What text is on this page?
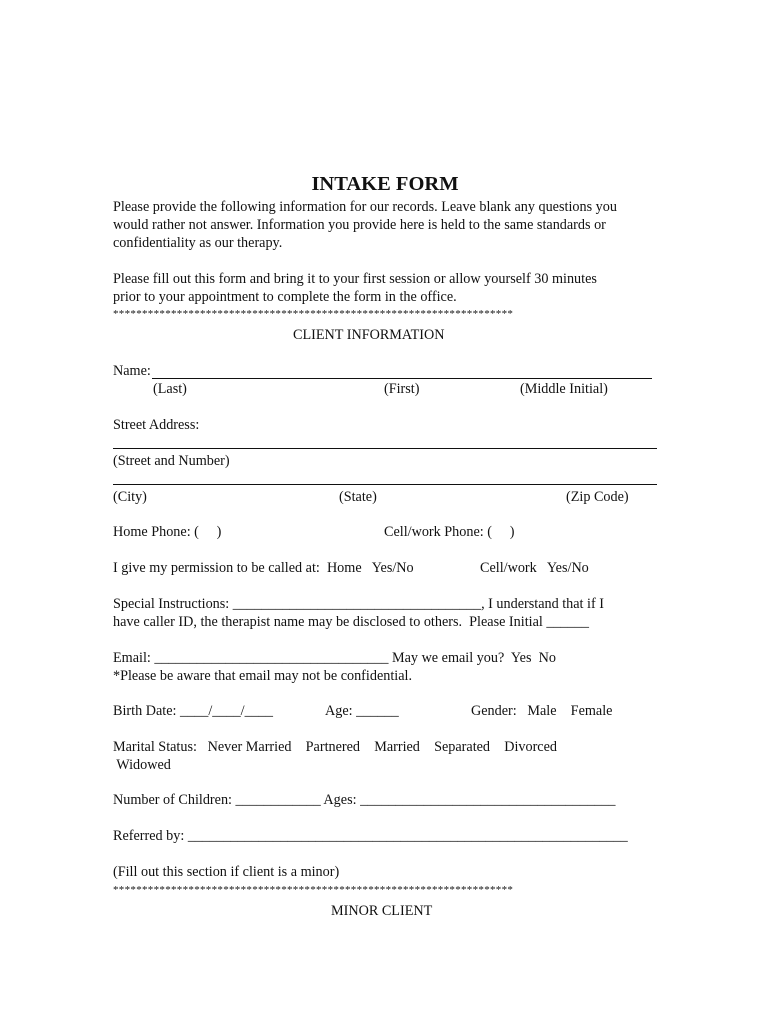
INTAKE FORM

Please provide the following information for our records. Leave blank any questions you

would rather not answer. Information you provide here is held to the same standards or

confidentiality as our therapy.

Please fill out this form and bring it to your first session or allow yourself 30 minutes

prior to your appointment to complete the form in the office.

*********************************************************************
CLIENT INFORMATION

Name:

(Last)	(First)	(Middle Initial)

Street Address:

(Street and Number)

(City)	(State)	(Zip Code)
Home Phone: (     )	Cell/work Phone: (     )
I give my permission to be called at:  Home   Yes/No	Cell/work   Yes/No

Special Instructions: ___________________________________, I understand that if I

have caller ID, the therapist name may be disclosed to others.  Please Initial ______

Email: _________________________________ May we email you?  Yes  No

*Please be aware that email may not be confidential.

Birth Date: ____/____/____	Age: ______	Gender:   Male    Female

Marital Status:   Never Married    Partnered    Married    Separated    Divorced

Widowed

Number of Children: ____________ Ages: ____________________________________

Referred by: ______________________________________________________________

(Fill out this section if client is a minor)

*********************************************************************
MINOR CLIENT
